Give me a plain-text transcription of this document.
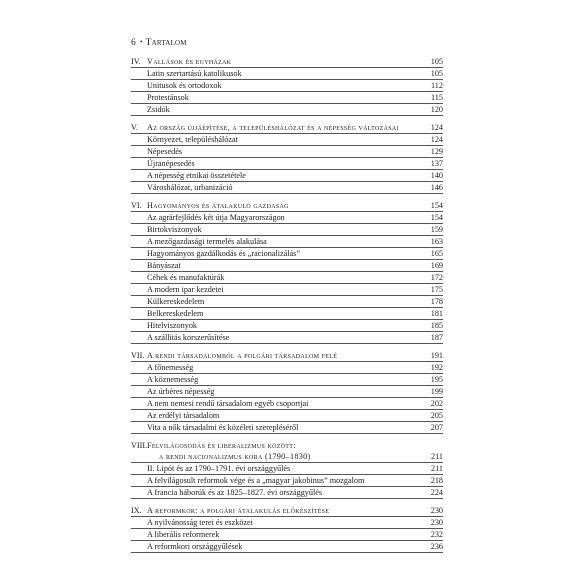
6 • Tartalom
IV. Vallások és egyházak	105
Latin szertartású katolikusok	105
Unitusok és ortodoxok	112
Protestánsok	115
Zsidók	120
V. Az ország újjáépítése, a településhálózat és a népesség változásai	124
Környezet, településhálózat	124
Népesedés	129
Újranépesedés	137
A népesség etnikai összetétele	140
Városhálózat, urbanizáció	146
VI. Hagyományos és átalakuló gazdaság	154
Az agrárfejlődés két útja Magyarországon	154
Birtokviszonyok	159
A mezőgazdasági termelés alakulása	163
Hagyományos gazdálkodás és „racionalizálás”	165
Bányászat	169
Céhek és manufaktúrák	172
A modern ipar kezdetei	175
Külkereskedelem	178
Belkereskedelem	181
Hitelviszonyok	185
A szállítás korszerűsítése	187
VII. A rendi társadalomból a polgári társadalom felé	191
A főnemesség	192
A köznemesség	195
Az úrbéres népesség	199
A nem nemesi rendű társadalom egyéb csoportjai	202
Az erdélyi társadalom	205
Vita a nők társadalmi és közéleti szerepléséről	207
VIII.Felvilágosodás és liberalizmus között:
a rendi nacionalizmus kora (1790–1830)	211
II. Lipót és az 1790–1791. évi országgyűlés	211
A felvilágosult reformok vége és a „magyar jakobinus” mozgalom	218
A francia háborúk és az 1825–1827. évi országgyűlés	224
IX. A reformkor: a polgári átalakulás előkészítése	230
A nyilvánosság terei és eszközei	230
A liberális reformerek	232
A reformkori országgyűlések	236
